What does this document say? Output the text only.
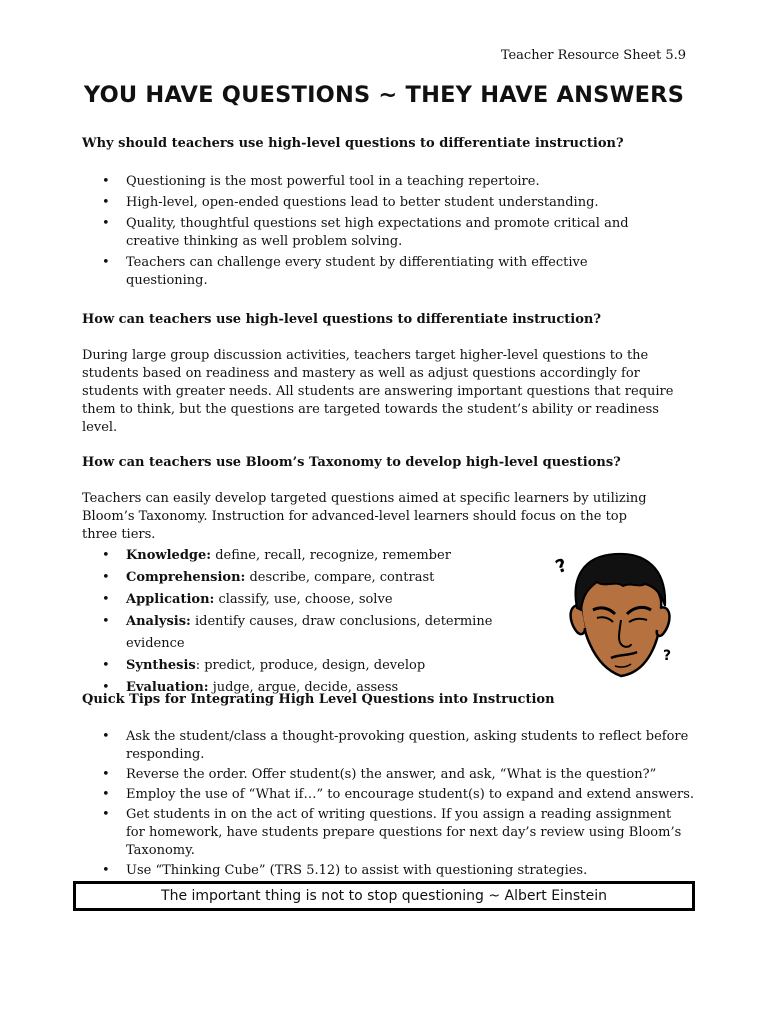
Teacher Resource Sheet 5.9
YOU HAVE QUESTIONS ~ THEY HAVE ANSWERS
Why should teachers use high-level questions to differentiate instruction?
• Questioning is the most powerful tool in a teaching repertoire.
• High-level, open-ended questions lead to better student understanding.
• Quality, thoughtful questions set high expectations and promote critical and creative thinking as well problem solving.
• Teachers can challenge every student by differentiating with effective questioning.
How can teachers use high-level questions to differentiate instruction?
During large group discussion activities, teachers target higher-level questions to the students based on readiness and mastery as well as adjust questions accordingly for students with greater needs. All students are answering important questions that require them to think, but the questions are targeted towards the student’s ability or readiness level.
How can teachers use Bloom’s Taxonomy to develop high-level questions?
Teachers can easily develop targeted questions aimed at specific learners by utilizing Bloom’s Taxonomy. Instruction for advanced-level learners should focus on the top three tiers.
• Knowledge: define, recall, recognize, remember
• Comprehension: describe, compare, contrast
• Application: classify, use, choose, solve
• Analysis: identify causes, draw conclusions, determine evidence
• Synthesis: predict, produce, design, develop
• Evaluation: judge, argue, decide, assess
?
?
Quick Tips for Integrating High Level Questions into Instruction
• Ask the student/class a thought-provoking question, asking students to reflect before responding.
• Reverse the order. Offer student(s) the answer, and ask, “What is the question?”
• Employ the use of “What if…” to encourage student(s) to expand and extend answers.
• Get students in on the act of writing questions. If you assign a reading assignment for homework, have students prepare questions for next day’s review using Bloom’s Taxonomy.
• Use “Thinking Cube” (TRS 5.12) to assist with questioning strategies.
The important thing is not to stop questioning ~ Albert Einstein
